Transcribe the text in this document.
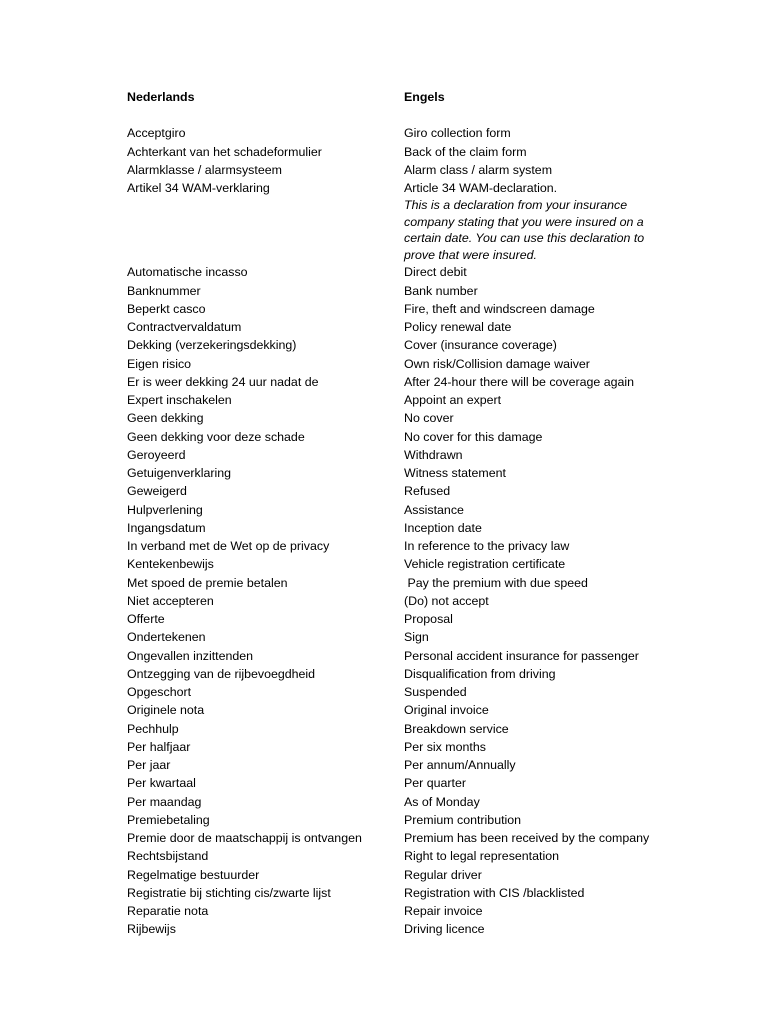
Nederlands	Engels
Acceptgiro	Giro collection form
Achterkant van het schadeformulier	Back of the claim form
Alarmklasse / alarmsysteem	Alarm class / alarm system
Artikel 34 WAM-verklaring	Article 34 WAM-declaration.
This is a declaration from your insurance company stating that you were insured on a certain date. You can use this declaration to prove that were insured.
Automatische incasso	Direct debit
Banknummer	Bank number
Beperkt casco	Fire, theft and windscreen damage
Contractvervaldatum	Policy renewal date
Dekking (verzekeringsdekking)	Cover (insurance coverage)
Eigen risico	Own risk/Collision damage waiver
Er is weer dekking 24 uur nadat de	After 24-hour there will be coverage again
Expert inschakelen	Appoint an expert
Geen dekking	No cover
Geen dekking voor deze schade	No cover for this damage
Geroyeerd	Withdrawn
Getuigenverklaring	Witness statement
Geweigerd	Refused
Hulpverlening	Assistance
Ingangsdatum	Inception date
In verband met de Wet op de privacy	In reference to the privacy law
Kentekenbewijs	Vehicle registration certificate
Met spoed de premie betalen	Pay the premium with due speed
Niet accepteren	(Do) not accept
Offerte	Proposal
Ondertekenen	Sign
Ongevallen inzittenden	Personal accident insurance for passenger
Ontzegging van de rijbevoegdheid	Disqualification from driving
Opgeschort	Suspended
Originele nota	Original invoice
Pechhulp	Breakdown service
Per halfjaar	Per six months
Per jaar	Per annum/Annually
Per kwartaal	Per quarter
Per maandag	As of Monday
Premiebetaling	Premium contribution
Premie door de maatschappij is ontvangen	Premium has been received by the company
Rechtsbijstand	Right to legal representation
Regelmatige bestuurder	Regular driver
Registratie bij stichting cis/zwarte lijst	Registration with CIS /blacklisted
Reparatie nota	Repair invoice
Rijbewijs	Driving licence
